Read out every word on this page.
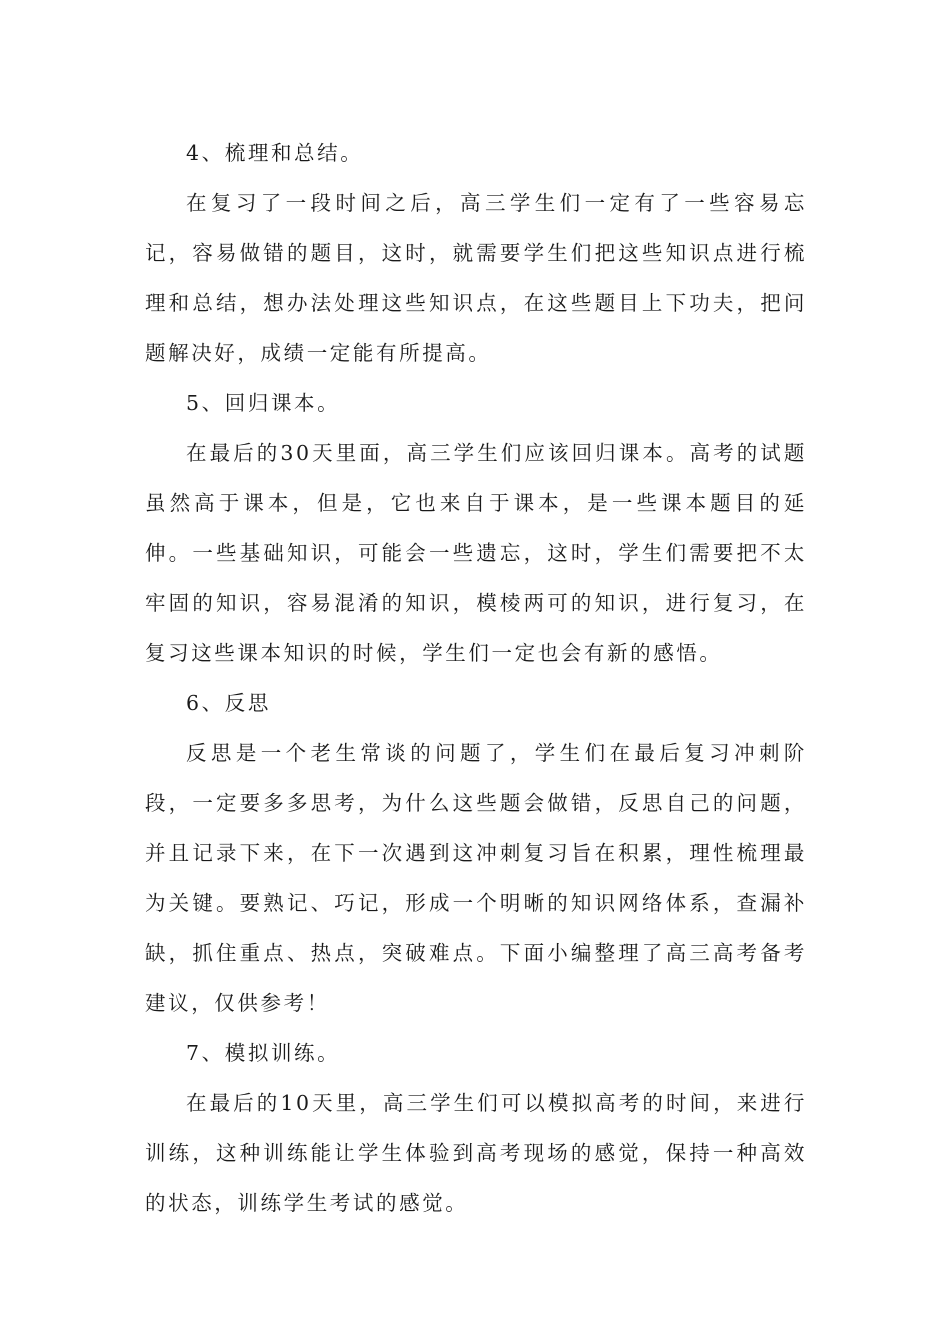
4、梳理和总结。

在复习了一段时间之后，高三学生们一定有了一些容易忘记，容易做错的题目，这时，就需要学生们把这些知识点进行梳理和总结，想办法处理这些知识点，在这些题目上下功夫，把问题解决好，成绩一定能有所提高。

5、回归课本。

在最后的30天里面，高三学生们应该回归课本。高考的试题虽然高于课本，但是，它也来自于课本，是一些课本题目的延伸。一些基础知识，可能会一些遗忘，这时，学生们需要把不太牢固的知识，容易混淆的知识，模棱两可的知识，进行复习，在复习这些课本知识的时候，学生们一定也会有新的感悟。

6、反思

反思是一个老生常谈的问题了，学生们在最后复习冲刺阶段，一定要多多思考，为什么这些题会做错，反思自己的问题，并且记录下来，在下一次遇到这冲刺复习旨在积累，理性梳理最为关键。要熟记、巧记，形成一个明晰的知识网络体系，查漏补缺，抓住重点、热点，突破难点。下面小编整理了高三高考备考建议，仅供参考！

7、模拟训练。

在最后的10天里，高三学生们可以模拟高考的时间，来进行训练，这种训练能让学生体验到高考现场的感觉，保持一种高效的状态，训练学生考试的感觉。
